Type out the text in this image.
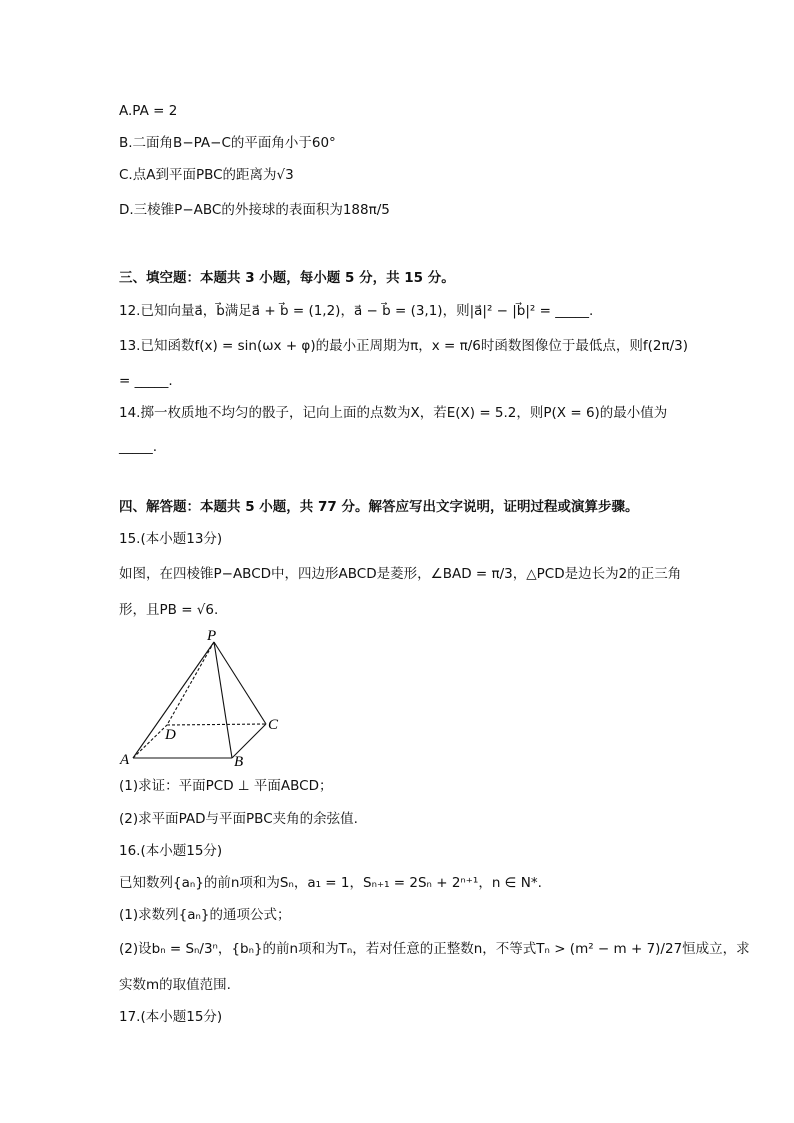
A.PA = 2
B.二面角B−PA−C的平面角小于60°
C.点A到平面PBC的距离为√3
D.三棱锥P−ABC的外接球的表面积为188π/5
三、填空题：本题共 3 小题，每小题 5 分，共 15 分。
12.已知向量a⃗，b⃗满足a⃗ + b⃗ = (1,2)，a⃗ − b⃗ = (3,1)，则|a⃗|² − |b⃗|² = _____.
13.已知函数f(x) = sin(ωx + φ)的最小正周期为π，x = π/6时函数图像位于最低点，则f(2π/3)
= _____.
14.掷一枚质地不均匀的骰子，记向上面的点数为X，若E(X) = 5.2，则P(X = 6)的最小值为
_____.
四、解答题：本题共 5 小题，共 77 分。解答应写出文字说明，证明过程或演算步骤。
15.(本小题13分)
如图，在四棱锥P−ABCD中，四边形ABCD是菱形，∠BAD = π/3，△PCD是边长为2的正三角
形，且PB = √6.
P
A	B
C
D
(1)求证：平面PCD ⊥ 平面ABCD；
(2)求平面PAD与平面PBC夹角的余弦值.
16.(本小题15分)
已知数列{aₙ}的前n项和为Sₙ，a₁ = 1，Sₙ₊₁ = 2Sₙ + 2ⁿ⁺¹，n ∈ N*.
(1)求数列{aₙ}的通项公式；
(2)设bₙ = Sₙ/3ⁿ，{bₙ}的前n项和为Tₙ，若对任意的正整数n，不等式Tₙ > (m² − m + 7)/27恒成立，求
实数m的取值范围.
17.(本小题15分)
